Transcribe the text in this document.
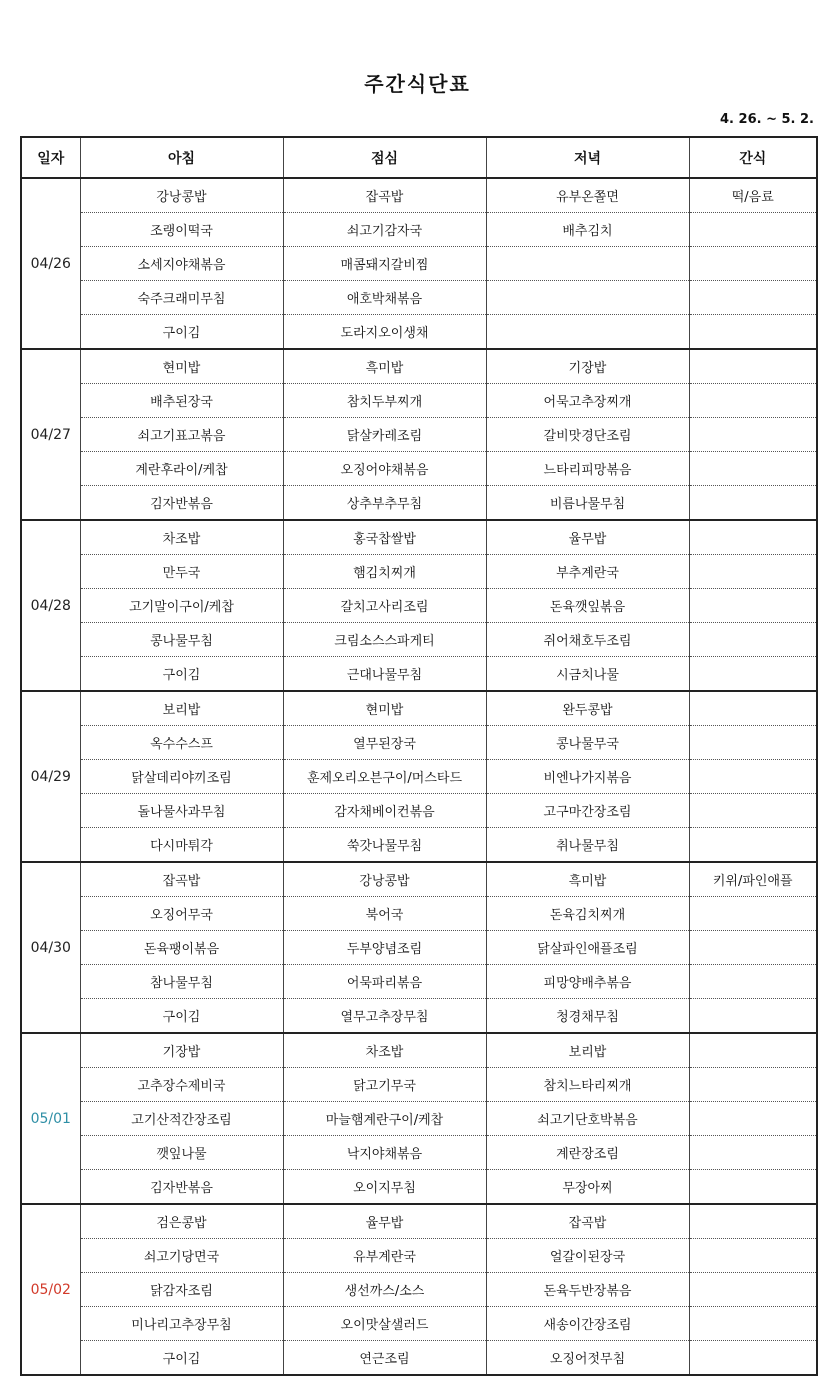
주간식단표
4. 26. ~ 5. 2.
일자	아침	점심	저녁	간식
04/26	강낭콩밥	잡곡밥	유부온쫄면	떡/음료
	조랭이떡국	쇠고기감자국	배추김치	
	소세지야채볶음	매콤돼지갈비찜		
	숙주크래미무침	애호박채볶음		
	구이김	도라지오이생채		
04/27	현미밥	흑미밥	기장밥	
	배추된장국	참치두부찌개	어묵고추장찌개	
	쇠고기표고볶음	닭살카레조림	갈비맛경단조림	
	계란후라이/케찹	오징어야채볶음	느타리피망볶음	
	김자반볶음	상추부추무침	비름나물무침	
04/28	차조밥	홍국찹쌀밥	율무밥	
	만두국	햄김치찌개	부추계란국	
	고기말이구이/케찹	갈치고사리조림	돈육깻잎볶음	
	콩나물무침	크림소스스파게티	쥐어채호두조림	
	구이김	근대나물무침	시금치나물	
04/29	보리밥	현미밥	완두콩밥	
	옥수수스프	열무된장국	콩나물무국	
	닭살데리야끼조림	훈제오리오븐구이/머스타드	비엔나가지볶음	
	돌나물사과무침	감자채베이컨볶음	고구마간장조림	
	다시마튀각	쑥갓나물무침	취나물무침	
04/30	잡곡밥	강낭콩밥	흑미밥	키위/파인애플
	오징어무국	북어국	돈육김치찌개	
	돈육팽이볶음	두부양념조림	닭살파인애플조림	
	참나물무침	어묵파리볶음	피망양배추볶음	
	구이김	열무고추장무침	청경채무침	
05/01	기장밥	차조밥	보리밥	
	고추장수제비국	닭고기무국	참치느타리찌개	
	고기산적간장조림	마늘햄계란구이/케찹	쇠고기단호박볶음	
	깻잎나물	낙지야채볶음	계란장조림	
	김자반볶음	오이지무침	무장아찌	
05/02	검은콩밥	율무밥	잡곡밥	
	쇠고기당면국	유부계란국	얼갈이된장국	
	닭감자조림	생선까스/소스	돈육두반장볶음	
	미나리고추장무침	오이맛살샐러드	새송이간장조림	
	구이김	연근조림	오징어젓무침	
